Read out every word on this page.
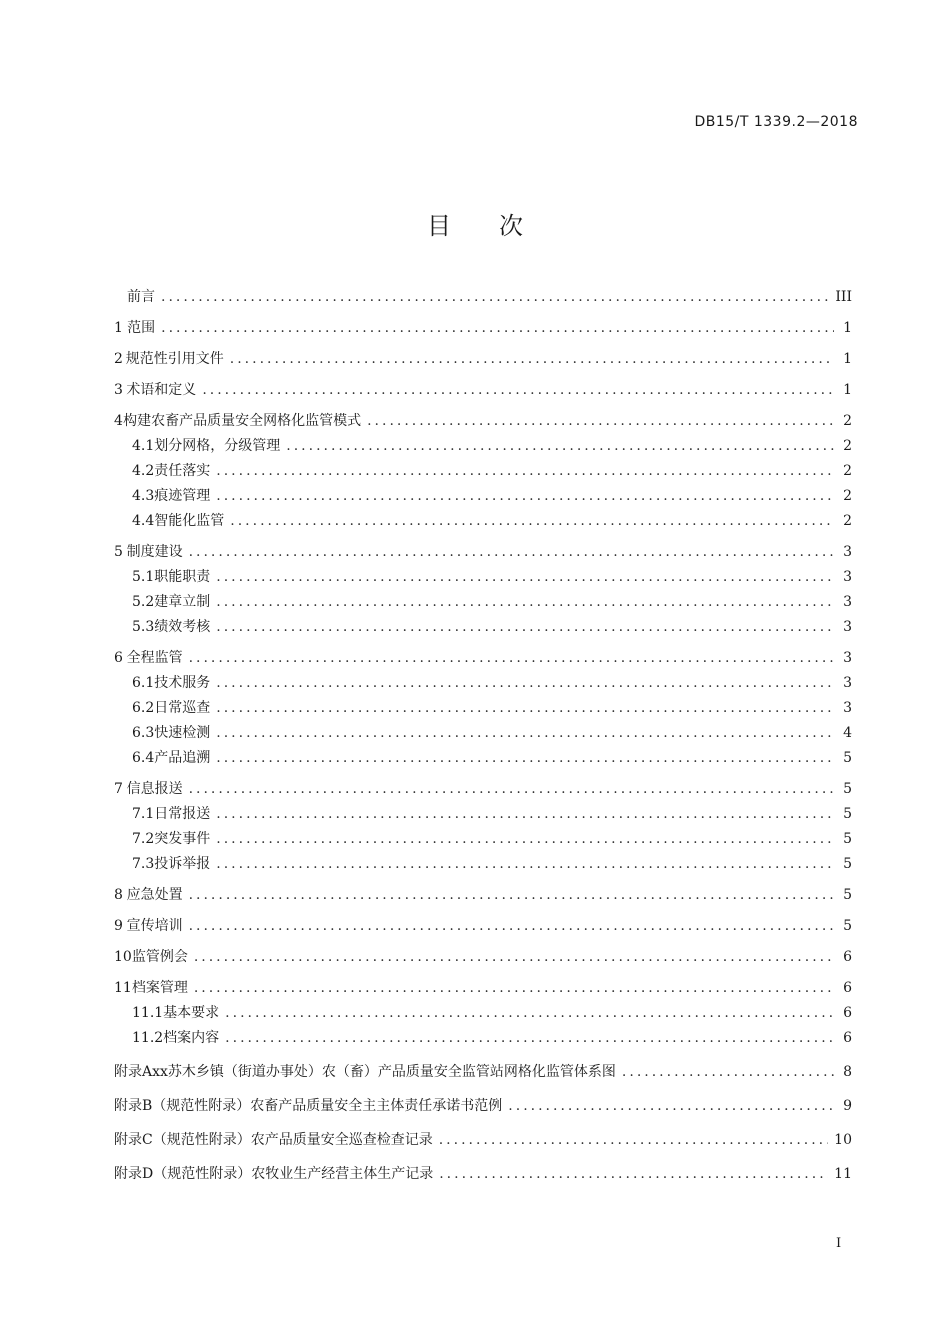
DB15/T 1339.2—2018
目次
前言 .....	III
1 范围 .....	1
2 规范性引用文件 .....	1
3 术语和定义 .....	1
4 构建农畜产品质量安全网格化监管模式 .....	2
4.1 划分网格，分级管理 .....	2
4.2 责任落实 .....	2
4.3 痕迹管理 .....	2
4.4 智能化监管 .....	2
5 制度建设 .....	3
5.1 职能职责 .....	3
5.2 建章立制 .....	3
5.3 绩效考核 .....	3
6 全程监管 .....	3
6.1 技术服务 .....	3
6.2 日常巡查 .....	3
6.3 快速检测 .....	4
6.4 产品追溯 .....	5
7 信息报送 .....	5
7.1 日常报送 .....	5
7.2 突发事件 .....	5
7.3 投诉举报 .....	5
8 应急处置 .....	5
9 宣传培训 .....	5
10 监管例会 .....	6
11 档案管理 .....	6
11.1 基本要求 .....	6
11.2 档案内容 .....	6
附录A xx苏木乡镇（街道办事处）农（畜）产品质量安全监管站网格化监管体系图 .....	8
附录B（规范性附录） 农畜产品质量安全主主体责任承诺书范例 .....	9
附录C（规范性附录） 农产品质量安全巡查检查记录 .....	10
附录D（规范性附录） 农牧业生产经营主体生产记录 .....	11
I
